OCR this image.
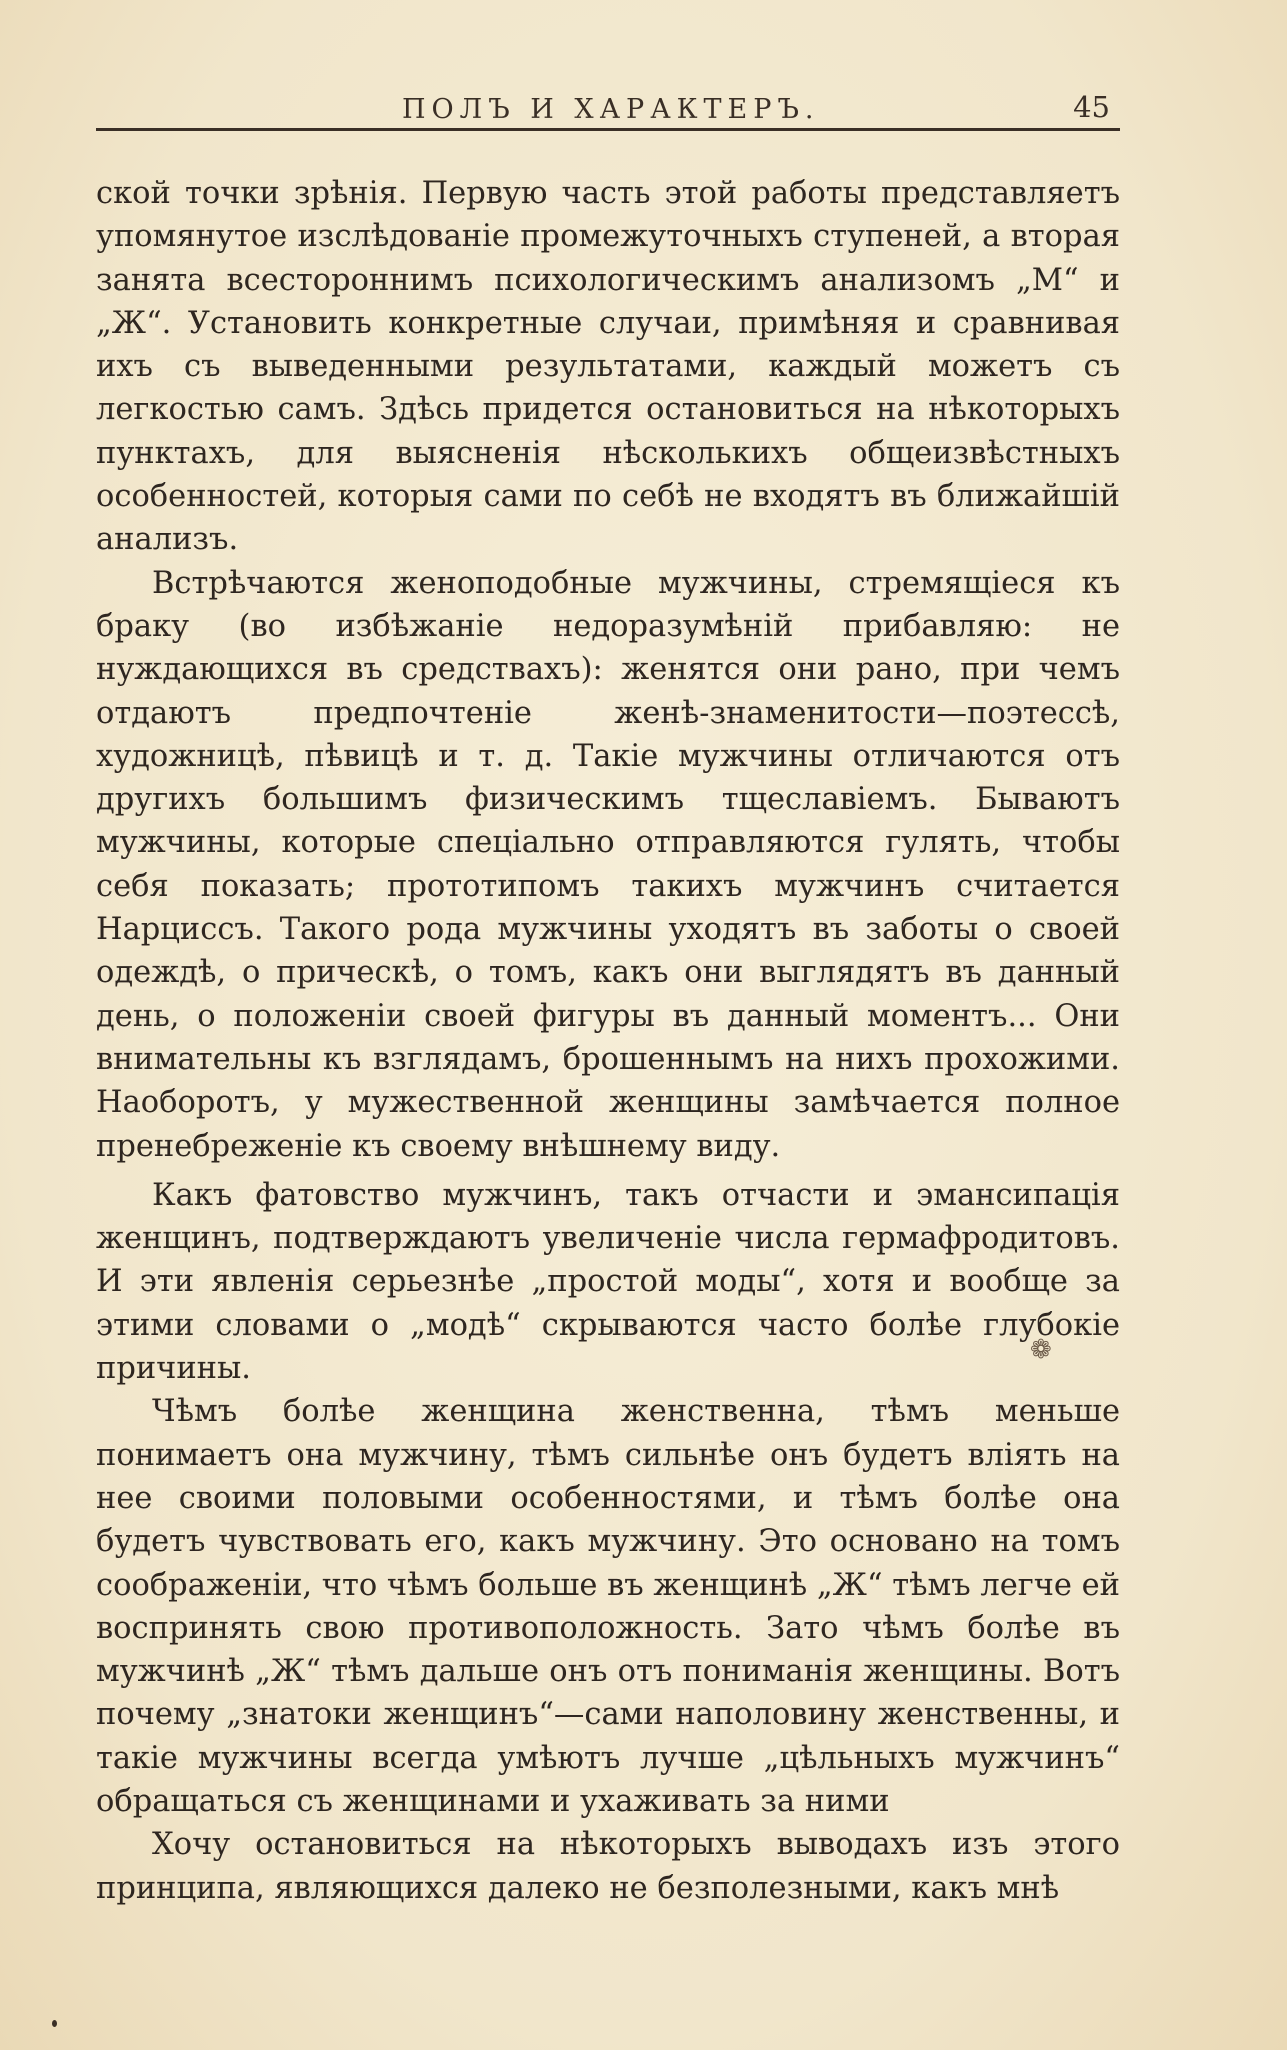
ПОЛЪ И ХАРАКТЕРЪ.	45

ской точки зрѣнія. Первую часть этой работы представляетъ упомянутое изслѣдованіе промежуточныхъ ступеней, а вторая занята всестороннимъ психологическимъ анализомъ „М“ и „Ж“. Установить конкретные случаи, примѣняя и сравнивая ихъ съ выведенными результатами, каждый можетъ съ легкостью самъ. Здѣсь придется остановиться на нѣкоторыхъ пунктахъ, для выясненія нѣсколькихъ общеизвѣстныхъ особенностей, которыя сами по себѣ не входятъ въ ближайшій анализъ.

Встрѣчаются женоподобные мужчины, стремящіеся къ браку (во избѣжаніе недоразумѣній прибавляю: не нуждающихся въ средствахъ): женятся они рано, при чемъ отдаютъ предпочтеніе женѣ-знаменитости—поэтессѣ, художницѣ, пѣвицѣ и т. д. Такіе мужчины отличаются отъ другихъ большимъ физическимъ тщеславіемъ. Бываютъ мужчины, которые спеціально отправляются гулять, чтобы себя показать; прототипомъ такихъ мужчинъ считается Нарциссъ. Такого рода мужчины уходятъ въ заботы о своей одеждѣ, о прическѣ, о томъ, какъ они выглядятъ въ данный день, о положеніи своей фигуры въ данный моментъ... Они внимательны къ взглядамъ, брошеннымъ на нихъ прохожими. Наоборотъ, у мужественной женщины замѣчается полное пренебреженіе къ своему внѣшнему виду.

Какъ фатовство мужчинъ, такъ отчасти и эмансипація женщинъ, подтверждаютъ увеличеніе числа гермафродитовъ. И эти явленія серьезнѣе „простой моды“, хотя и вообще за этими словами о „модѣ“ скрываются часто болѣе глубокіе причины.

Чѣмъ болѣе женщина женственна, тѣмъ меньше понимаетъ она мужчину, тѣмъ сильнѣе онъ будетъ влiять на нее своими половыми особенностями, и тѣмъ болѣе она будетъ чувствовать его, какъ мужчину. Это основано на томъ соображеніи, что чѣмъ больше въ женщинѣ „Ж“ тѣмъ легче ей воспринять свою противоположность. Зато чѣмъ болѣе въ мужчинѣ „Ж“ тѣмъ дальше онъ отъ пониманія женщины. Вотъ почему „знатоки женщинъ“—сами наполовину женственны, и такіе мужчины всегда умѣютъ лучше „цѣльныхъ мужчинъ“ обращаться съ женщинами и ухаживать за ними

Хочу остановиться на нѣкоторыхъ выводахъ изъ этого принципа, являющихся далеко не безполезными, какъ мнѣ

❁
